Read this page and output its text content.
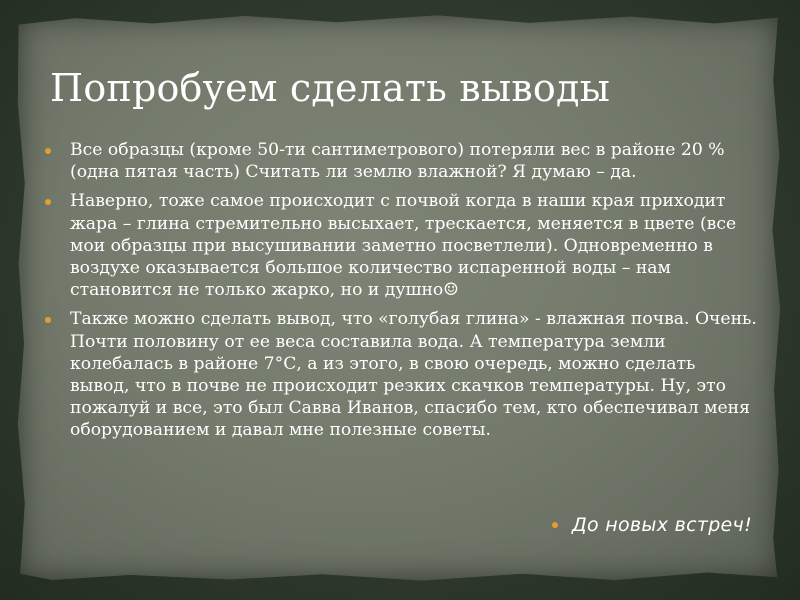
Попробуем сделать выводы

Все образцы (кроме 50-ти сантиметрового) потеряли вес в районе 20 % (одна пятая часть) Считать ли землю влажной? Я думаю – да.

Наверно, тоже самое происходит с почвой когда в наши края приходит жара – глина стремительно высыхает, трескается, меняется в цвете (все мои образцы при высушивании заметно посветлели). Одновременно в воздухе оказывается большое количество испаренной воды – нам становится не только жарко, но и душно☺

Также можно сделать вывод, что «голубая глина» - влажная почва. Очень. Почти половину от ее веса составила вода. А температура земли колебалась в районе 7°С, а из этого, в свою очередь, можно сделать вывод, что в почве не происходит резких скачков температуры. Ну, это пожалуй и все, это был Савва Иванов, спасибо тем, кто обеспечивал меня оборудованием и давал мне полезные советы.

До новых встреч!
